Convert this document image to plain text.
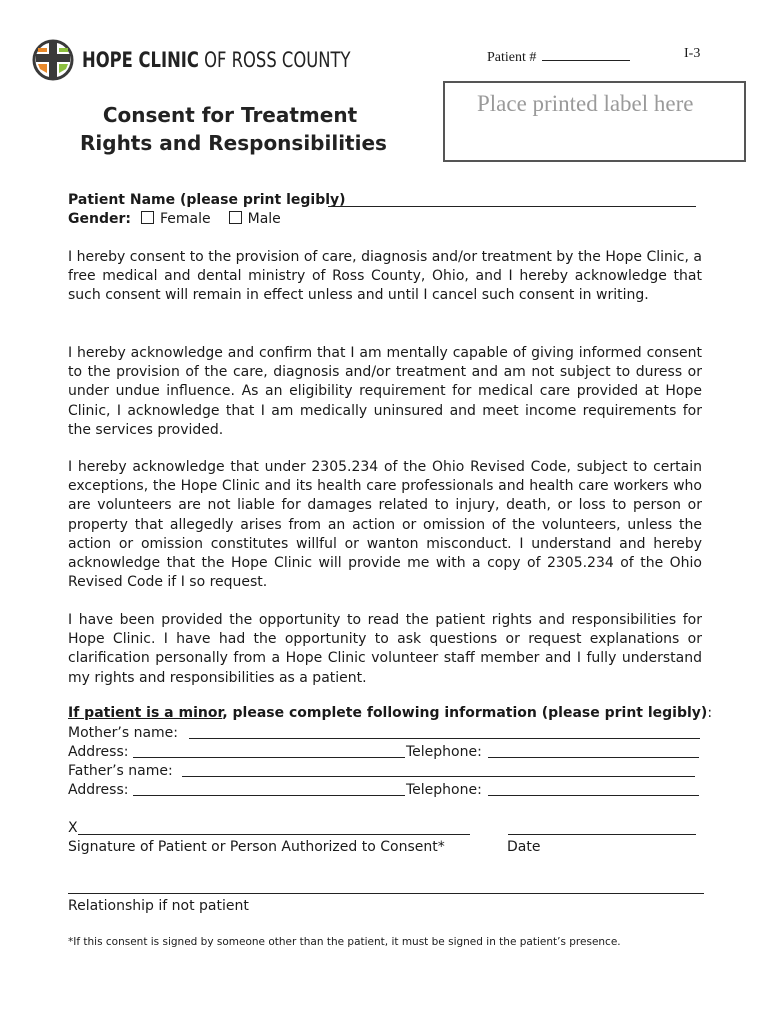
HOPE CLINIC OF ROSS COUNTY	Patient #	I-3
Place printed label here
Consent for Treatment
Rights and Responsibilities
Patient Name (please print legibly)
Gender: Female	Male
I hereby consent to the provision of care, diagnosis and/or treatment by the Hope Clinic, a free medical and dental ministry of Ross County, Ohio, and I hereby acknowledge that such consent will remain in effect unless and until I cancel such consent in writing.
I hereby acknowledge and confirm that I am mentally capable of giving informed consent to the provision of the care, diagnosis and/or treatment and am not subject to duress or under undue influence. As an eligibility requirement for medical care provided at Hope Clinic, I acknowledge that I am medically uninsured and meet income requirements for the services provided.
I hereby acknowledge that under 2305.234 of the Ohio Revised Code, subject to certain exceptions, the Hope Clinic and its health care professionals and health care workers who are volunteers are not liable for damages related to injury, death, or loss to person or property that allegedly arises from an action or omission of the volunteers, unless the action or omission constitutes willful or wanton misconduct. I understand and hereby acknowledge that the Hope Clinic will provide me with a copy of 2305.234 of the Ohio Revised Code if I so request.
I have been provided the opportunity to read the patient rights and responsibilities for Hope Clinic. I have had the opportunity to ask questions or request explanations or clarification personally from a Hope Clinic volunteer staff member and I fully understand my rights and responsibilities as a patient.
If patient is a minor, please complete following information (please print legibly):
Mother’s name:
Address:	Telephone:
Father’s name:
Address:	Telephone:
X
Signature of Patient or Person Authorized to Consent*	Date
Relationship if not patient
*If this consent is signed by someone other than the patient, it must be signed in the patient’s presence.
